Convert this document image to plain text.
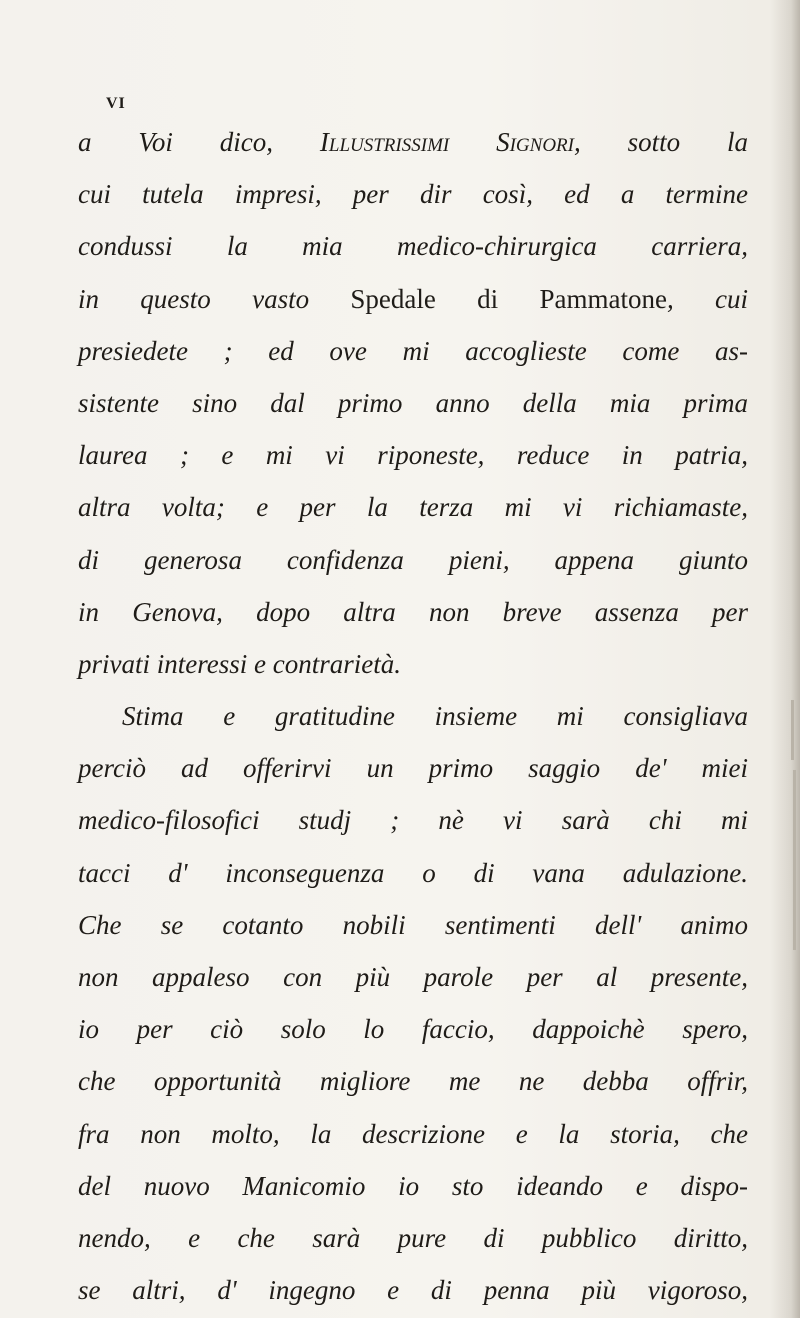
VI
a Voi dico, Illustrissimi Signori, sotto la
cui tutela impresi, per dir così, ed a termine
condussi la mia medico-chirurgica carriera,
in questo vasto Spedale di Pammatone, cui
presiedete ; ed ove mi accoglieste come as-
sistente sino dal primo anno della mia prima
laurea ; e mi vi riponeste, reduce in patria,
altra volta; e per la terza mi vi richiamaste,
di generosa confidenza pieni, appena giunto
in Genova, dopo altra non breve assenza per
privati interessi e contrarietà.
Stima e gratitudine insieme mi consigliava
perciò ad offerirvi un primo saggio de' miei
medico-filosofici studj ; nè vi sarà chi mi
tacci d' inconseguenza o di vana adulazione.
Che se cotanto nobili sentimenti dell' animo
non appaleso con più parole per al presente,
io per ciò solo lo faccio, dappoichè spero,
che opportunità migliore me ne debba offrir,
fra non molto, la descrizione e la storia, che
del nuovo Manicomio io sto ideando e dispo-
nendo, e che sarà pure di pubblico diritto,
se altri, d' ingegno e di penna più vigoroso,
